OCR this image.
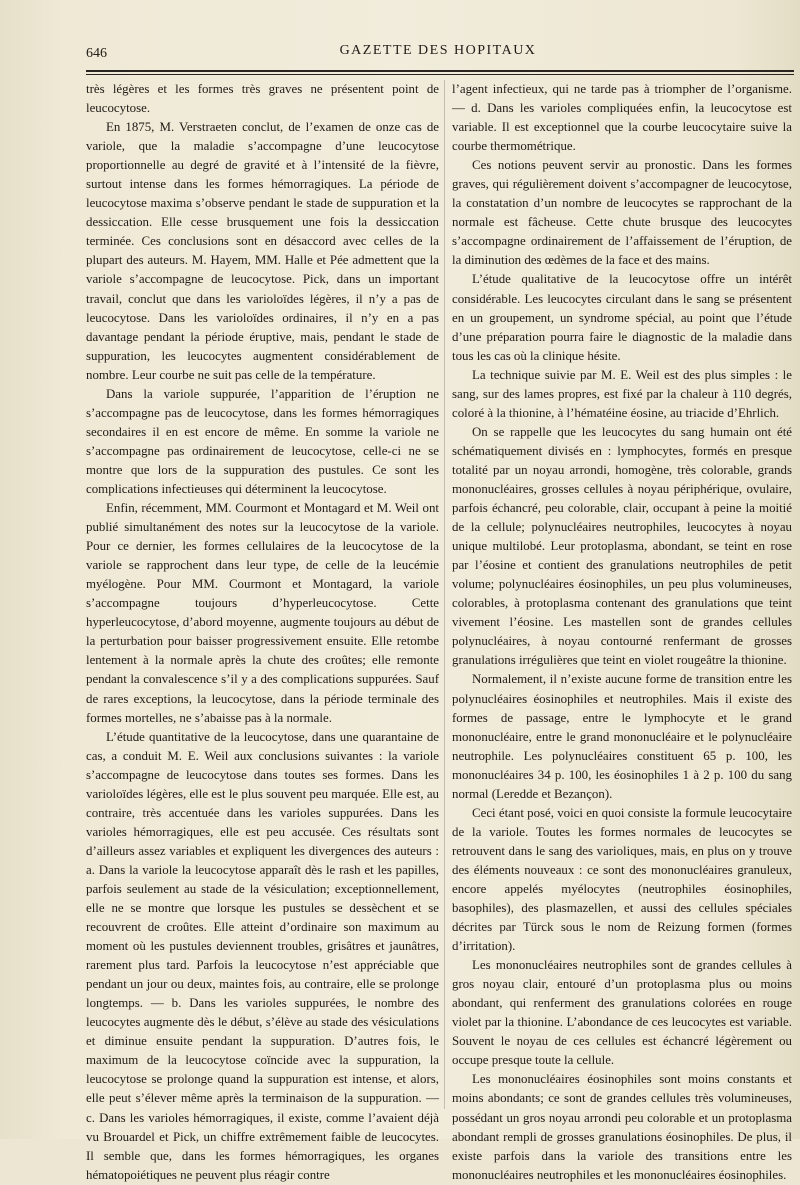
646	GAZETTE DES HOPITAUX

très légères et les formes très graves ne présentent point de leucocytose.

En 1875, M. Verstraeten conclut, de l’examen de onze cas de variole, que la maladie s’accompagne d’une leucocytose proportionnelle au degré de gravité et à l’intensité de la fièvre, surtout intense dans les formes hémorragiques. La période de leucocytose maxima s’observe pendant le stade de suppuration et la dessiccation. Elle cesse brusquement une fois la dessiccation terminée. Ces conclusions sont en désaccord avec celles de la plupart des auteurs. M. Hayem, MM. Halle et Pée admettent que la variole s’accompagne de leucocytose. Pick, dans un important travail, conclut que dans les varioloïdes légères, il n’y a pas de leucocytose. Dans les varioloïdes ordinaires, il n’y en a pas davantage pendant la période éruptive, mais, pendant le stade de suppuration, les leucocytes augmentent considérablement de nombre. Leur courbe ne suit pas celle de la température.

Dans la variole suppurée, l’apparition de l’éruption ne s’accompagne pas de leucocytose, dans les formes hémorragiques secondaires il en est encore de même. En somme la variole ne s’accompagne pas ordinairement de leucocytose, celle-ci ne se montre que lors de la suppuration des pustules. Ce sont les complications infectieuses qui déterminent la leucocytose.

Enfin, récemment, MM. Courmont et Montagard et M. Weil ont publié simultanément des notes sur la leucocytose de la variole. Pour ce dernier, les formes cellulaires de la leucocytose de la variole se rapprochent dans leur type, de celle de la leucémie myélogène. Pour MM. Courmont et Montagard, la variole s’accompagne toujours d’hyperleucocytose. Cette hyperleucocytose, d’abord moyenne, augmente toujours au début de la perturbation pour baisser progressivement ensuite. Elle retombe lentement à la normale après la chute des croûtes; elle remonte pendant la convalescence s’il y a des complications suppurées. Sauf de rares exceptions, la leucocytose, dans la période terminale des formes mortelles, ne s’abaisse pas à la normale.

L’étude quantitative de la leucocytose, dans une quarantaine de cas, a conduit M. E. Weil aux conclusions suivantes : la variole s’accompagne de leucocytose dans toutes ses formes. Dans les varioloïdes légères, elle est le plus souvent peu marquée. Elle est, au contraire, très accentuée dans les varioles suppurées. Dans les varioles hémorragiques, elle est peu accusée. Ces résultats sont d’ailleurs assez variables et expliquent les divergences des auteurs : a. Dans la variole la leucocytose apparaît dès le rash et les papilles, parfois seulement au stade de la vésiculation; exceptionnellement, elle ne se montre que lorsque les pustules se dessèchent et se recouvrent de croûtes. Elle atteint d’ordinaire son maximum au moment où les pustules deviennent troubles, grisâtres et jaunâtres, rarement plus tard. Parfois la leucocytose n’est appréciable que pendant un jour ou deux, maintes fois, au contraire, elle se prolonge longtemps. — b. Dans les varioles suppurées, le nombre des leucocytes augmente dès le début, s’élève au stade des vésiculations et diminue ensuite pendant la suppuration. D’autres fois, le maximum de la leucocytose coïncide avec la suppuration, la leucocytose se prolonge quand la suppuration est intense, et alors, elle peut s’élever même après la terminaison de la suppuration. — c. Dans les varioles hémorragiques, il existe, comme l’avaient déjà vu Brouardel et Pick, un chiffre extrêmement faible de leucocytes. Il semble que, dans les formes hémorragiques, les organes hématopoiétiques ne peuvent plus réagir contre

l’agent infectieux, qui ne tarde pas à triompher de l’organisme. — d. Dans les varioles compliquées enfin, la leucocytose est variable. Il est exceptionnel que la courbe leucocytaire suive la courbe thermométrique.

Ces notions peuvent servir au pronostic. Dans les formes graves, qui régulièrement doivent s’accompagner de leucocytose, la constatation d’un nombre de leucocytes se rapprochant de la normale est fâcheuse. Cette chute brusque des leucocytes s’accompagne ordinairement de l’affaissement de l’éruption, de la diminution des œdèmes de la face et des mains.

L’étude qualitative de la leucocytose offre un intérêt considérable. Les leucocytes circulant dans le sang se présentent en un groupement, un syndrome spécial, au point que l’étude d’une préparation pourra faire le diagnostic de la maladie dans tous les cas où la clinique hésite.

La technique suivie par M. E. Weil est des plus simples : le sang, sur des lames propres, est fixé par la chaleur à 110 degrés, coloré à la thionine, à l’hématéine éosine, au triacide d’Ehrlich.

On se rappelle que les leucocytes du sang humain ont été schématiquement divisés en : lymphocytes, formés en presque totalité par un noyau arrondi, homogène, très colorable, grands mononucléaires, grosses cellules à noyau périphérique, ovulaire, parfois échancré, peu colorable, clair, occupant à peine la moitié de la cellule; polynucléaires neutrophiles, leucocytes à noyau unique multilobé. Leur protoplasma, abondant, se teint en rose par l’éosine et contient des granulations neutrophiles de petit volume; polynucléaires éosinophiles, un peu plus volumineuses, colorables, à protoplasma contenant des granulations que teint vivement l’éosine. Les mastellen sont de grandes cellules polynucléaires, à noyau contourné renfermant de grosses granulations irrégulières que teint en violet rougeâtre la thionine.

Normalement, il n’existe aucune forme de transition entre les polynucléaires éosinophiles et neutrophiles. Mais il existe des formes de passage, entre le lymphocyte et le grand mononucléaire, entre le grand mononucléaire et le polynucléaire neutrophile. Les polynucléaires constituent 65 p. 100, les mononucléaires 34 p. 100, les éosinophiles 1 à 2 p. 100 du sang normal (Leredde et Bezançon).

Ceci étant posé, voici en quoi consiste la formule leucocytaire de la variole. Toutes les formes normales de leucocytes se retrouvent dans le sang des varioliques, mais, en plus on y trouve des éléments nouveaux : ce sont des mononucléaires granuleux, encore appelés myélocytes (neutrophiles éosinophiles, basophiles), des plasmazellen, et aussi des cellules spéciales décrites par Türck sous le nom de Reizung formen (formes d’irritation).

Les mononucléaires neutrophiles sont de grandes cellules à gros noyau clair, entouré d’un protoplasma plus ou moins abondant, qui renferment des granulations colorées en rouge violet par la thionine. L’abondance de ces leucocytes est variable. Souvent le noyau de ces cellules est échancré légèrement ou occupe presque toute la cellule.

Les mononucléaires éosinophiles sont moins constants et moins abondants; ce sont de grandes cellules très volumineuses, possédant un gros noyau arrondi peu colorable et un protoplasma abondant rempli de grosses granulations éosinophiles. De plus, il existe parfois dans la variole des transitions entre les mononucléaires neutrophiles et les mononucléaires éosinophiles.
